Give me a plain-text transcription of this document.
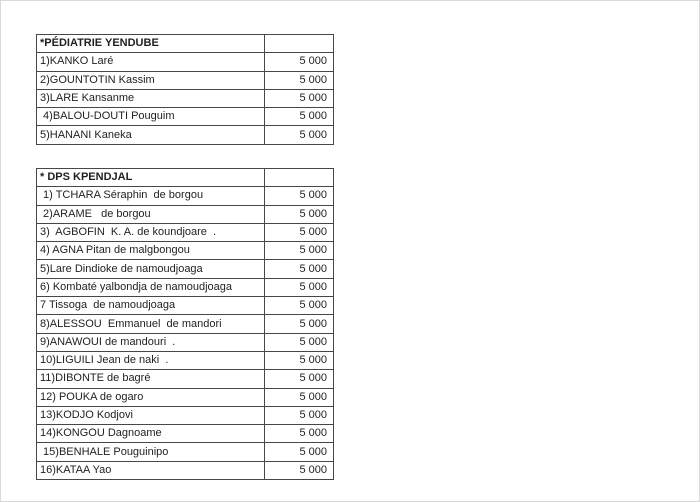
*PÉDIATRIE YENDUBE	
1)KANKO Laré	5 000
2)GOUNTOTIN Kassim	5 000
3)LARE Kansanme	5 000
4)BALOU-DOUTI Pouguim	5 000
5)HANANI Kaneka	5 000
* DPS KPENDJAL	
1) TCHARA Séraphin  de borgou	5 000
2)ARAME   de borgou	5 000
3)  AGBOFIN  K. A. de koundjoare  .	5 000
4) AGNA Pitan de malgbongou	5 000
5)Lare Dindioke de namoudjoaga	5 000
6) Kombaté yalbondja de namoudjoaga	5 000
7 Tissoga  de namoudjoaga	5 000
8)ALESSOU  Emmanuel  de mandori	5 000
9)ANAWOUI de mandouri  .	5 000
10)LIGUILI Jean de naki  .	5 000
11)DIBONTE de bagré	5 000
12) POUKA de ogaro	5 000
13)KODJO Kodjovi	5 000
14)KONGOU Dagnoame	5 000
15)BENHALE Pouguinipo	5 000
16)KATAA Yao	5 000
